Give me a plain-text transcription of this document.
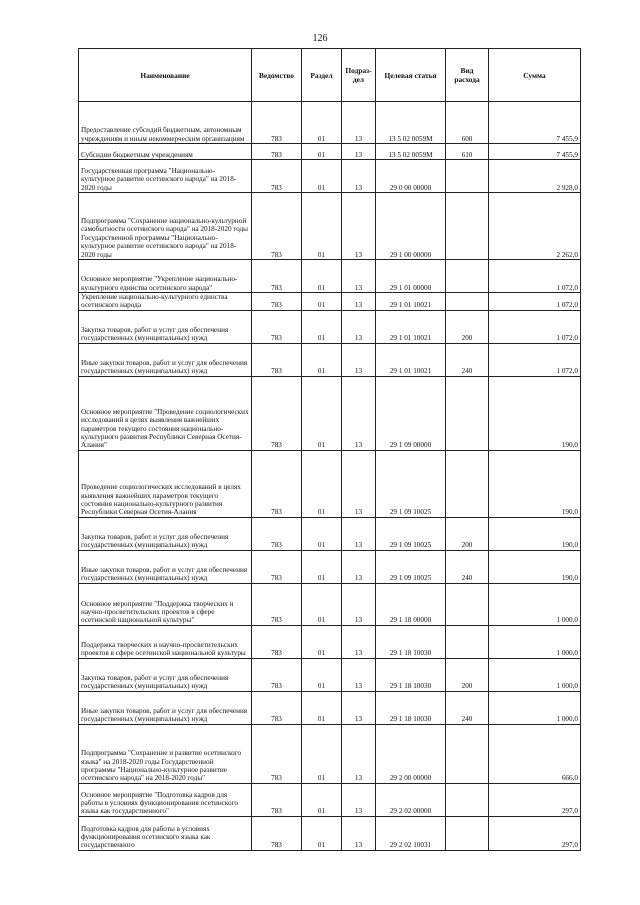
126
Наименование	Ведомство	Раздел	Подраз-дел	Целевая статья	Вид расхода	Сумма
Предоставление субсидий бюджетным, автономным учреждениям и иным некоммерческим организациям	783	01	13	13 5 02 0059М	600	7 455,9
Субсидии бюджетным учреждениям	783	01	13	13 5 02 0059М	610	7 455,9
Государственная программа "Национально-культурное развитие осетинского народа" на 2018-2020 годы	783	01	13	29 0 00 00000		2 928,0
Подпрограмма "Сохранение национально-культурной самобытности осетинского народа" на 2018-2020 годы Государственной программы "Национально-культурное развитие осетинского народа" на 2018-2020 годы	783	01	13	29 1 00 00000		2 262,0
Основное мероприятие "Укрепление национально-культурного единства осетинского народа"	783	01	13	29 1 01 00000		1 072,0
Укрепление национально-культурного единства осетинского народа	783	01	13	29 1 01 10021		1 072,0
Закупка товаров, работ и услуг для обеспечения государственных (муниципальных) нужд	783	01	13	29 1 01 10021	200	1 072,0
Иные закупки товаров, работ и услуг для обеспечения государственных (муниципальных) нужд	783	01	13	29 1 01 10021	240	1 072,0
Основное мероприятие "Проведение социологических исследований в целях выявления важнейших параметров текущего состояния национально-культурного развития Республики Северная Осетия-Алания"	783	01	13	29 1 09 00000		190,0
Проведение социологических исследований в целях выявления важнейших параметров текущего состояния национально-культурного развития Республики Северная Осетия-Алания	783	01	13	29 1 09 10025		190,0
Закупка товаров, работ и услуг для обеспечения государственных (муниципальных) нужд	783	01	13	29 1 09 10025	200	190,0
Иные закупки товаров, работ и услуг для обеспечения государственных (муниципальных) нужд	783	01	13	29 1 09 10025	240	190,0
Основное мероприятие "Поддержка творческих и научно-просветительских проектов в сфере осетинской национальной культуры"	783	01	13	29 1 18 00000		1 000,0
Поддержка творческих и научно-просветительских проектов в сфере осетинской национальной культуры	783	01	13	29 1 18 10030		1 000,0
Закупка товаров, работ и услуг для обеспечения государственных (муниципальных) нужд	783	01	13	29 1 18 10030	200	1 000,0
Иные закупки товаров, работ и услуг для обеспечения государственных (муниципальных) нужд	783	01	13	29 1 18 10030	240	1 000,0
Подпрограмма "Сохранение и развитие осетинского языка" на 2018-2020 годы Государственной программы "Национально-культурное развитие осетинского народа" на 2018-2020 годы"	783	01	13	29 2 00 00000		666,0
Основное мероприятие "Подготовка кадров для работы в условиях функционирования осетинского языка как государственного"	783	01	13	29 2 02 00000		297,0
Подготовка кадров для работы в условиях функционирования осетинского языка как государственного	783	01	13	29 2 02 10031		297,0
